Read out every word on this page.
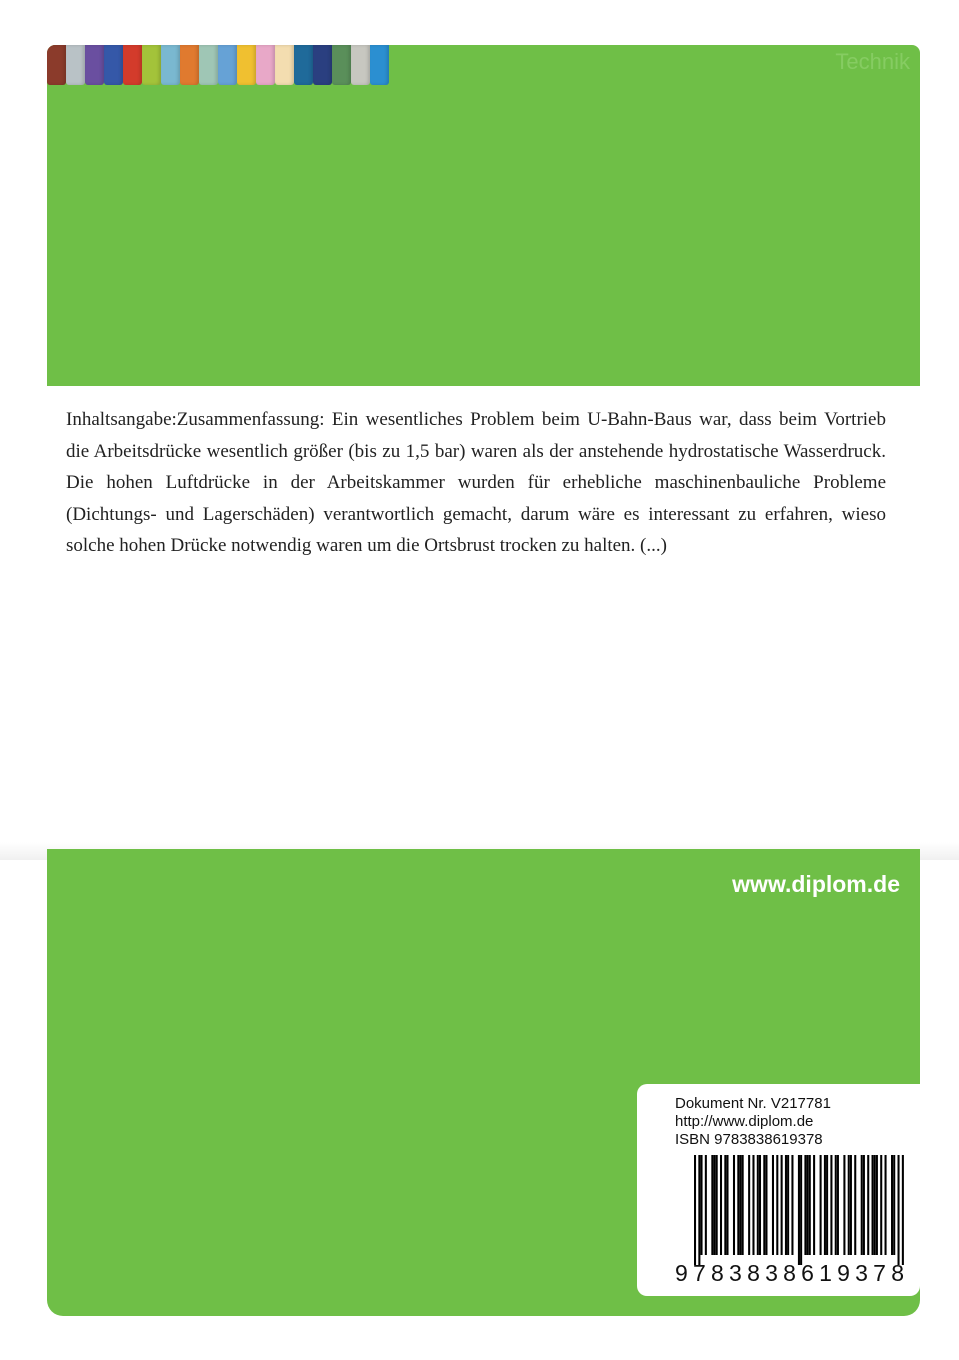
Technik
Inhaltsangabe:Zusammenfassung: Ein wesentliches Problem beim U-Bahn-Baus war, dass beim Vortrieb die Arbeitsdrücke wesentlich größer (bis zu 1,5 bar) waren als der anstehende hydrostatische Wasserdruck. Die hohen Luftdrücke in der Arbeitskammer wurden für erhebliche maschinenbauliche Probleme (Dichtungs- und Lagerschäden) verantwortlich gemacht, darum wäre es interessant zu erfahren, wieso solche hohen Drücke notwendig waren um die Ortsbrust trocken zu halten. (...)
www.diplom.de
Dokument Nr. V217781
http://www.diplom.de
ISBN 9783838619378
9 7 8 3 8 3 8 6 1 9 3 7 8
